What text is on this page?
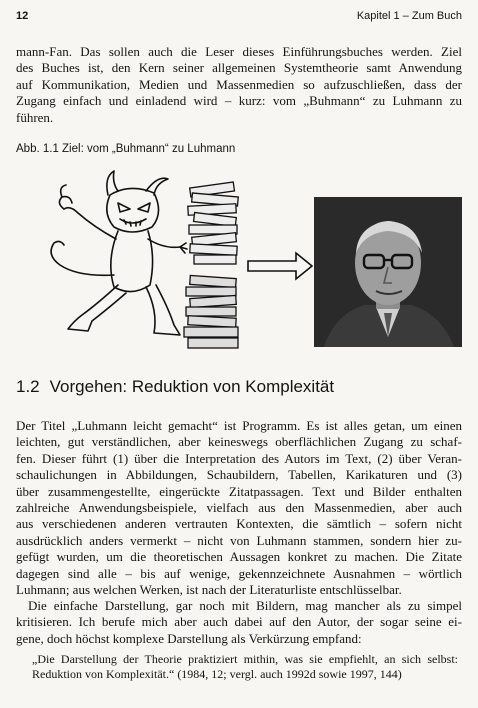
12	Kapitel 1 – Zum Buch
mann-Fan. Das sollen auch die Leser dieses Einführungsbuches werden. Ziel
des Buches ist, den Kern seiner allgemeinen Systemtheorie samt Anwendung
auf Kommunikation, Medien und Massenmedien so aufzuschließen, dass der
Zugang einfach und einladend wird – kurz: vom „Buhmann“ zu Luhmann zu
führen.
Abb. 1.1 Ziel: vom „Buhmann“ zu Luhmann
1.2 Vorgehen: Reduktion von Komplexität
Der Titel „Luhmann leicht gemacht“ ist Programm. Es ist alles getan, um einen
leichten, gut verständlichen, aber keineswegs oberflächlichen Zugang zu schaf-
fen. Dieser führt (1) über die Interpretation des Autors im Text, (2) über Veran-
schaulichungen in Abbildungen, Schaubildern, Tabellen, Karikaturen und (3)
über zusammengestellte, eingerückte Zitatpassagen. Text und Bilder enthalten
zahlreiche Anwendungsbeispiele, vielfach aus den Massenmedien, aber auch
aus verschiedenen anderen vertrauten Kontexten, die sämtlich – sofern nicht
ausdrücklich anders vermerkt – nicht von Luhmann stammen, sondern hier zu-
gefügt wurden, um die theoretischen Aussagen konkret zu machen. Die Zitate
dagegen sind alle – bis auf wenige, gekennzeichnete Ausnahmen – wörtlich
Luhmann; aus welchen Werken, ist nach der Literaturliste entschlüsselbar.
Die einfache Darstellung, gar noch mit Bildern, mag mancher als zu simpel
kritisieren. Ich berufe mich aber auch dabei auf den Autor, der sogar seine ei-
gene, doch höchst komplexe Darstellung als Verkürzung empfand:
„Die Darstellung der Theorie praktiziert mithin, was sie empfiehlt, an sich selbst:
Reduktion von Komplexität.“ (1984, 12; vergl. auch 1992d sowie 1997, 144)
